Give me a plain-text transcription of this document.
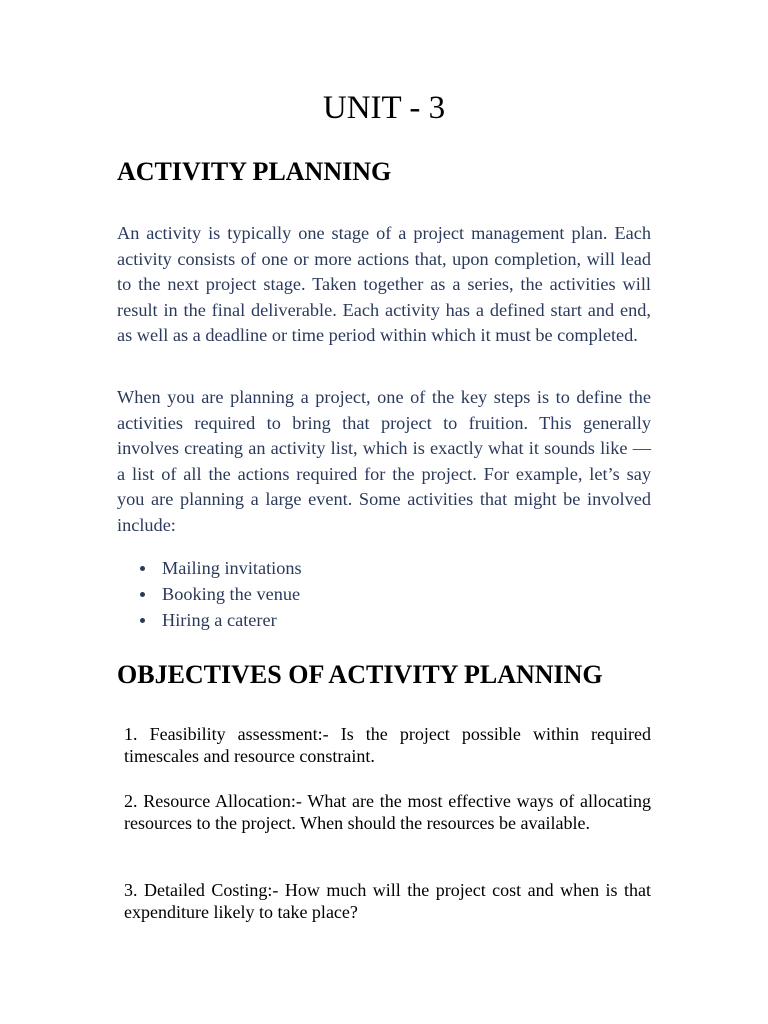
UNIT - 3
ACTIVITY PLANNING

An activity is typically one stage of a project management plan. Each activity consists of one or more actions that, upon completion, will lead to the next project stage. Taken together as a series, the activities will result in the final deliverable. Each activity has a defined start and end, as well as a deadline or time period within which it must be completed.

When you are planning a project, one of the key steps is to define the activities required to bring that project to fruition. This generally involves creating an activity list, which is exactly what it sounds like — a list of all the actions required for the project. For example, let’s say you are planning a large event. Some activities that might be involved include:

Mailing invitations
Booking the venue
Hiring a caterer
OBJECTIVES OF ACTIVITY PLANNING

1. Feasibility assessment:- Is the project possible within required timescales and resource constraint.

2. Resource Allocation:- What are the most effective ways of allocating resources to the project. When should the resources be available.

3. Detailed Costing:- How much will the project cost and when is that expenditure likely to take place?
